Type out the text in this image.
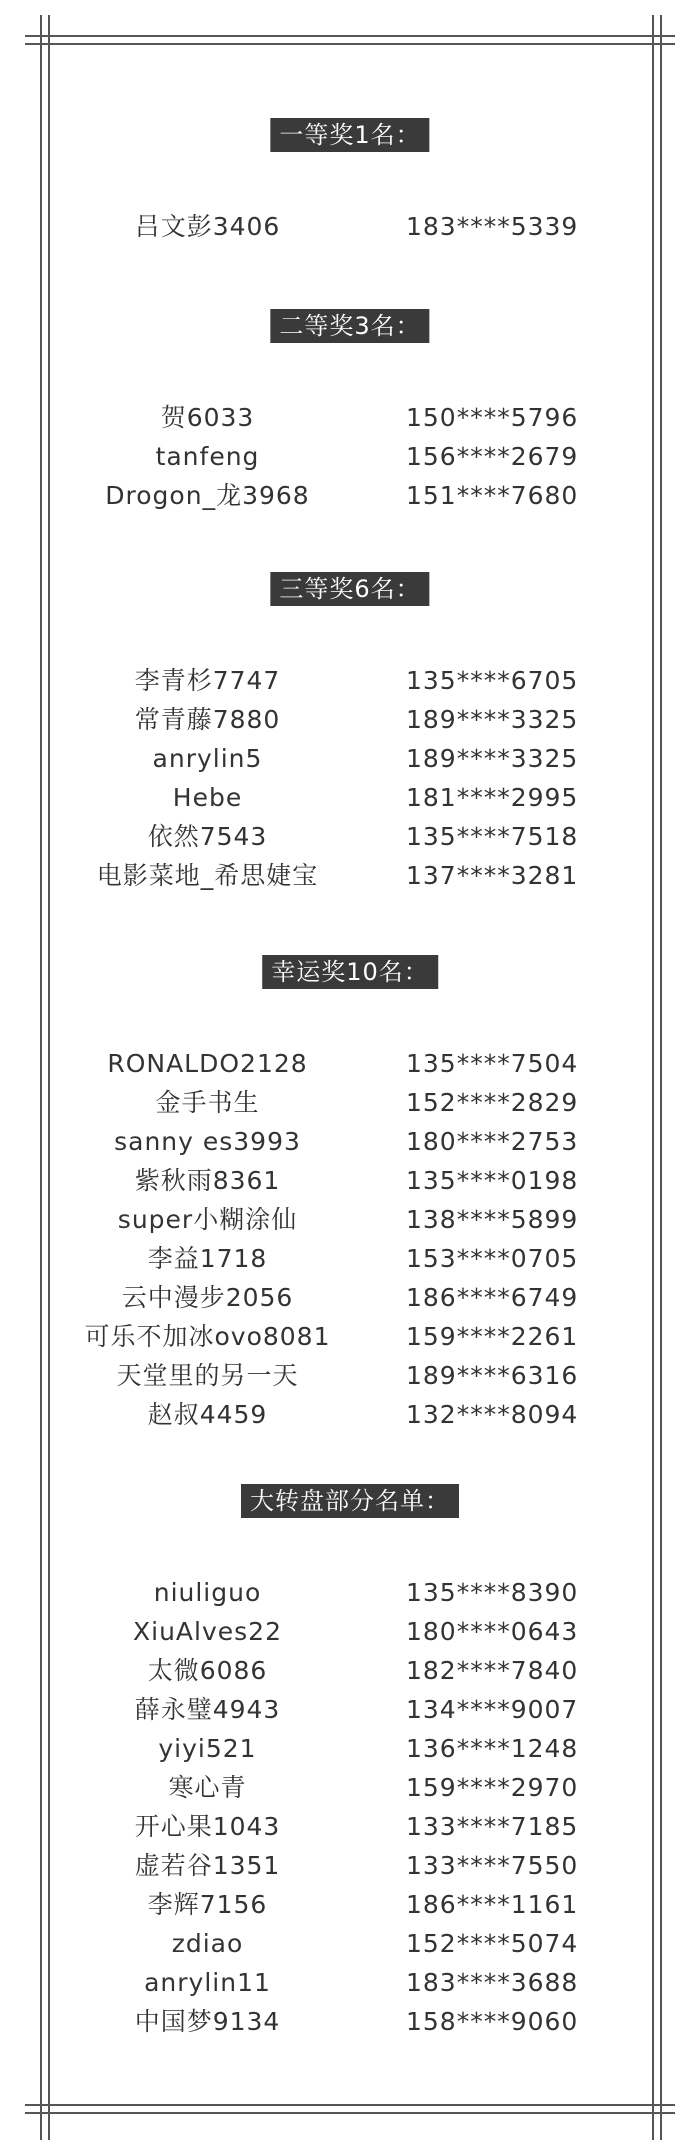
一等奖1名：
吕文彭3406	183****5339
二等奖3名：
贺6033	150****5796
tanfeng	156****2679
Drogon_龙3968	151****7680
三等奖6名：
李青杉7747	135****6705
常青藤7880	189****3325
anrylin5	189****3325
Hebe	181****2995
依然7543	135****7518
电影菜地_希思婕宝	137****3281
幸运奖10名：
RONALDO2128	135****7504
金手书生	152****2829
sanny es3993	180****2753
紫秋雨8361	135****0198
super小糊涂仙	138****5899
李益1718	153****0705
云中漫步2056	186****6749
可乐不加冰ovo8081	159****2261
天堂里的另一天	189****6316
赵叔4459	132****8094
大转盘部分名单：
niuliguo	135****8390
XiuAlves22	180****0643
太微6086	182****7840
薛永璧4943	134****9007
yiyi521	136****1248
寒心青	159****2970
开心果1043	133****7185
虚若谷1351	133****7550
李辉7156	186****1161
zdiao	152****5074
anrylin11	183****3688
中国梦9134	158****9060
